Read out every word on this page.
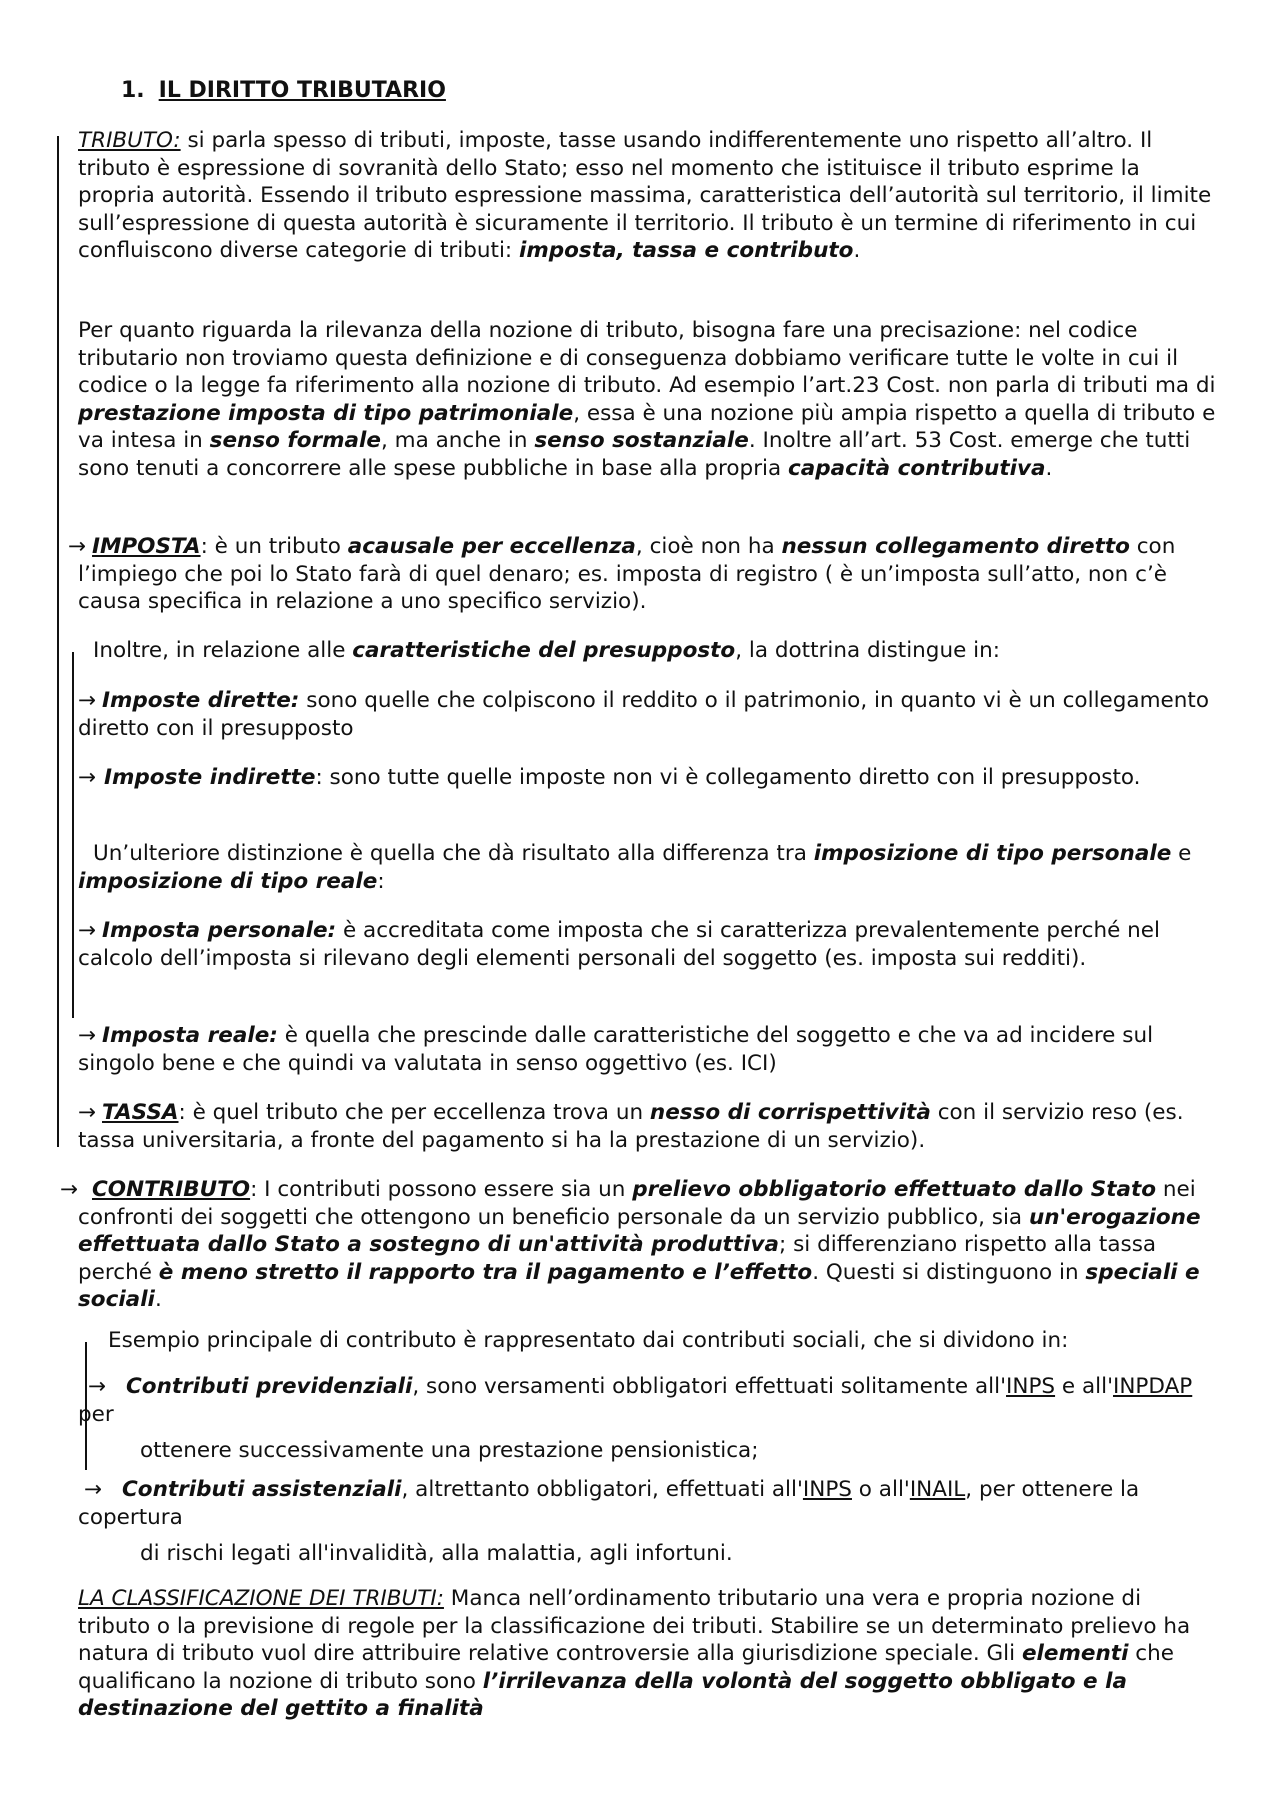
1. IL DIRITTO TRIBUTARIO

TRIBUTO: si parla spesso di tributi, imposte, tasse usando indifferentemente uno rispetto all’altro. Il tributo è espressione di sovranità dello Stato; esso nel momento che istituisce il tributo esprime la propria autorità. Essendo il tributo espressione massima, caratteristica dell’autorità sul territorio, il limite sull’espressione di questa autorità è sicuramente il territorio. Il tributo è un termine di riferimento in cui confluiscono diverse categorie di tributi: imposta, tassa e contributo.

Per quanto riguarda la rilevanza della nozione di tributo, bisogna fare una precisazione: nel codice tributario non troviamo questa definizione e di conseguenza dobbiamo verificare tutte le volte in cui il codice o la legge fa riferimento alla nozione di tributo. Ad esempio l’art.23 Cost. non parla di tributi ma di prestazione imposta di tipo patrimoniale, essa è una nozione più ampia rispetto a quella di tributo e va intesa in senso formale, ma anche in senso sostanziale. Inoltre all’art. 53 Cost. emerge che tutti sono tenuti a concorrere alle spese pubbliche in base alla propria capacità contributiva.

→ IMPOSTA: è un tributo acausale per eccellenza, cioè non ha nessun collegamento diretto con l’impiego che poi lo Stato farà di quel denaro; es. imposta di registro ( è un’imposta sull’atto, non c’è causa specifica in relazione a uno specifico servizio).

Inoltre, in relazione alle caratteristiche del presupposto, la dottrina distingue in:

→ Imposte dirette: sono quelle che colpiscono il reddito o il patrimonio, in quanto vi è un collegamento diretto con il presupposto

→ Imposte indirette: sono tutte quelle imposte non vi è collegamento diretto con il presupposto.

Un’ulteriore distinzione è quella che dà risultato alla differenza tra imposizione di tipo personale e imposizione di tipo reale:

→ Imposta personale: è accreditata come imposta che si caratterizza prevalentemente perché nel calcolo dell’imposta si rilevano degli elementi personali del soggetto (es. imposta sui redditi).

→ Imposta reale: è quella che prescinde dalle caratteristiche del soggetto e che va ad incidere sul singolo bene e che quindi va valutata in senso oggettivo (es. ICI)

→ TASSA: è quel tributo che per eccellenza trova un nesso di corrispettività con il servizio reso (es. tassa universitaria, a fronte del pagamento si ha la prestazione di un servizio).

→ CONTRIBUTO: I contributi possono essere sia un prelievo obbligatorio effettuato dallo Stato nei confronti dei soggetti che ottengono un beneficio personale da un servizio pubblico, sia un'erogazione effettuata dallo Stato a sostegno di un'attività produttiva; si differenziano rispetto alla tassa perché è meno stretto il rapporto tra il pagamento e l’effetto. Questi si distinguono in speciali e sociali.

Esempio principale di contributo è rappresentato dai contributi sociali, che si dividono in:

→ Contributi previdenziali, sono versamenti obbligatori effettuati solitamente all'INPS e all'INPDAP per

ottenere successivamente una prestazione pensionistica;

→ Contributi assistenziali, altrettanto obbligatori, effettuati all'INPS o all'INAIL, per ottenere la copertura

di rischi legati all'invalidità, alla malattia, agli infortuni.

LA CLASSIFICAZIONE DEI TRIBUTI: Manca nell’ordinamento tributario una vera e propria nozione di tributo o la previsione di regole per la classificazione dei tributi. Stabilire se un determinato prelievo ha natura di tributo vuol dire attribuire relative controversie alla giurisdizione speciale. Gli elementi che qualificano la nozione di tributo sono l’irrilevanza della volontà del soggetto obbligato e la destinazione del gettito a finalità
